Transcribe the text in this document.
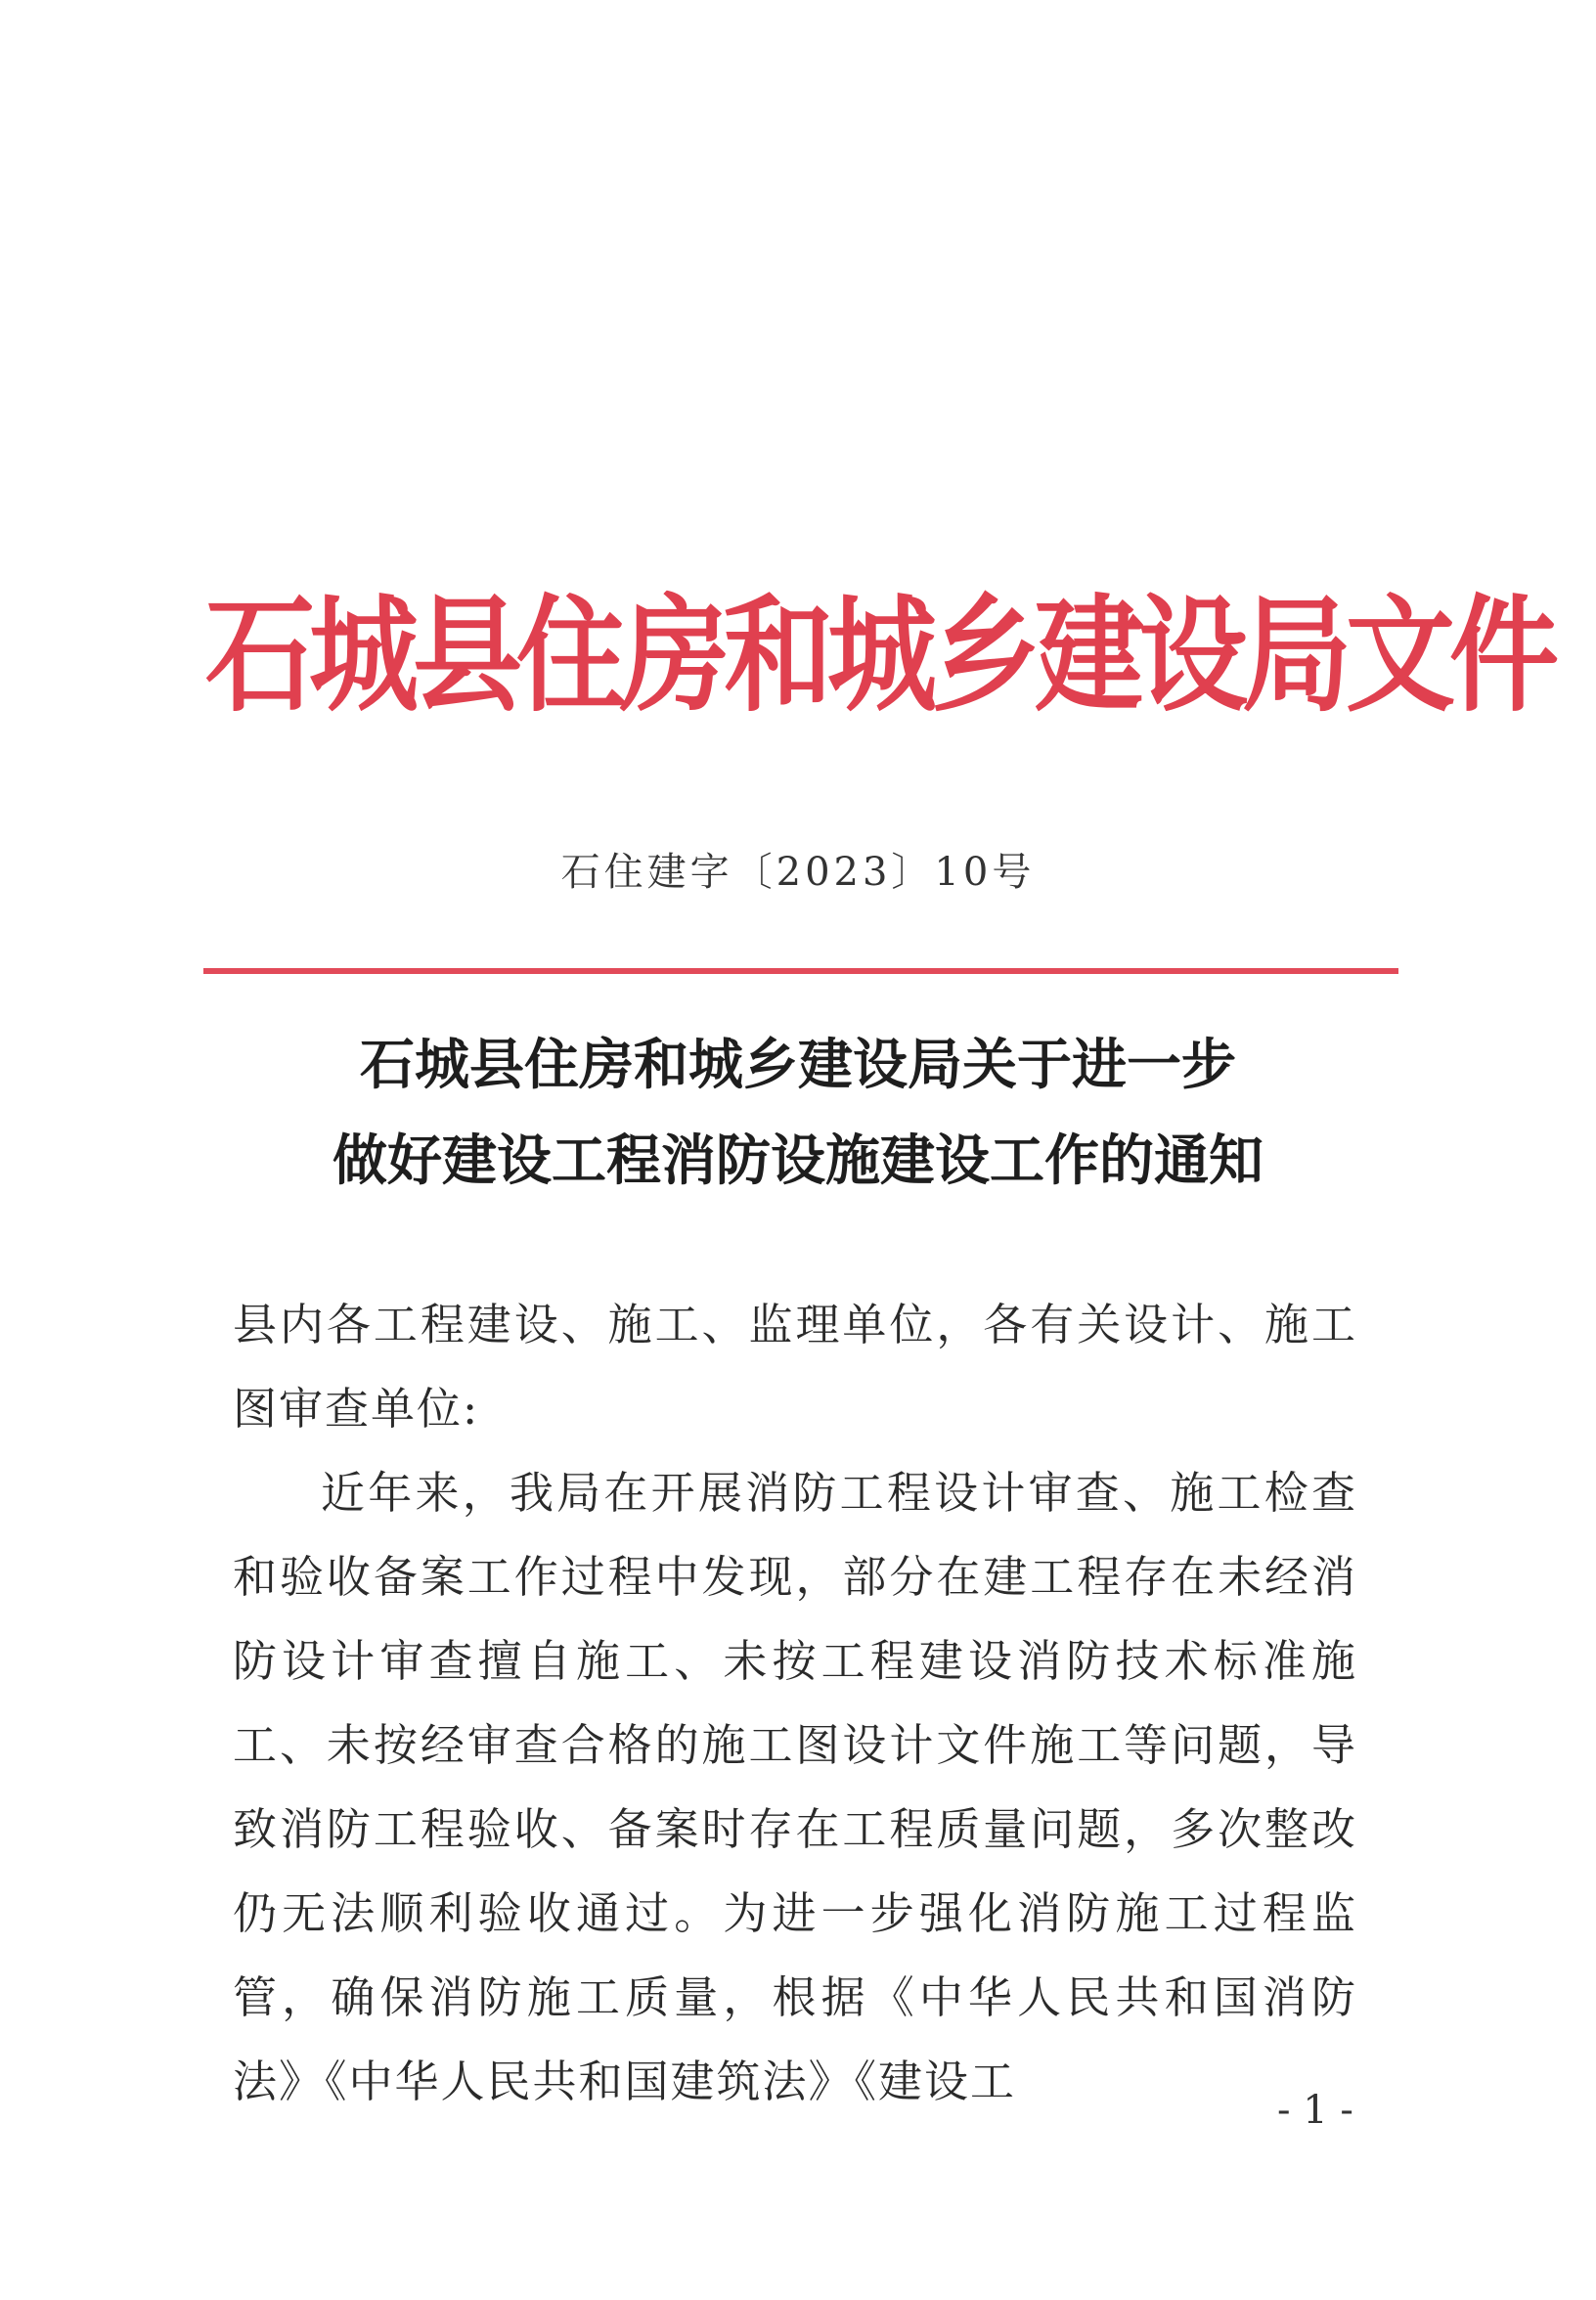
石城县住房和城乡建设局文件
石住建字〔2023〕10号
石城县住房和城乡建设局关于进一步
做好建设工程消防设施建设工作的通知

县内各工程建设、施工、监理单位，各有关设计、施工图审查单位:

近年来，我局在开展消防工程设计审查、施工检查和验收备案工作过程中发现，部分在建工程存在未经消防设计审查擅自施工、未按工程建设消防技术标准施工、未按经审查合格的施工图设计文件施工等问题，导致消防工程验收、备案时存在工程质量问题，多次整改仍无法顺利验收通过。为进一步强化消防施工过程监管，确保消防施工质量，根据《中华人民共和国消防法》《中华人民共和国建筑法》《建设工

- 1 -
